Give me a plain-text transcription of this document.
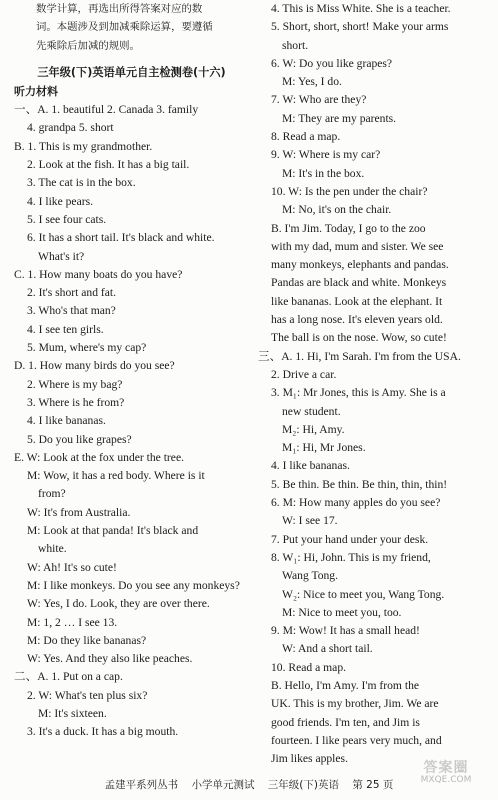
数学计算，再选出所得答案对应的数
词。本题涉及到加减乘除运算，要遵循
先乘除后加减的规则。
三年级(下)英语单元自主检测卷(十六)
听力材料
一、A. 1. beautiful 2. Canada 3. family
4. grandpa 5. short
B. 1. This is my grandmother.
2. Look at the fish. It has a big tail.
3. The cat is in the box.
4. I like pears.
5. I see four cats.
6. It has a short tail. It's black and white.
What's it?
C. 1. How many boats do you have?
2. It's short and fat.
3. Who's that man?
4. I see ten girls.
5. Mum, where's my cap?
D. 1. How many birds do you see?
2. Where is my bag?
3. Where is he from?
4. I like bananas.
5. Do you like grapes?
E. W: Look at the fox under the tree.
M: Wow, it has a red body. Where is it
from?
W: It's from Australia.
M: Look at that panda! It's black and
white.
W: Ah! It's so cute!
M: I like monkeys. Do you see any monkeys?
W: Yes, I do. Look, they are over there.
M: 1, 2 … I see 13.
M: Do they like bananas?
W: Yes. And they also like peaches.
二、A. 1. Put on a cap.
2. W: What's ten plus six?
M: It's sixteen.
3. It's a duck. It has a big mouth.
4. This is Miss White. She is a teacher.
5. Short, short, short! Make your arms
short.
6. W: Do you like grapes?
M: Yes, I do.
7. W: Who are they?
M: They are my parents.
8. Read a map.
9. W: Where is my car?
M: It's in the box.
10. W: Is the pen under the chair?
M: No, it's on the chair.
B. I'm Jim. Today, I go to the zoo
with my dad, mum and sister. We see
many monkeys, elephants and pandas.
Pandas are black and white. Monkeys
like bananas. Look at the elephant. It
has a long nose. It's eleven years old.
The ball is on the nose. Wow, so cute!
三、A. 1. Hi, I'm Sarah. I'm from the USA.
2. Drive a car.
3. M₁: Mr Jones, this is Amy. She is a
new student.
M₂: Hi, Amy.
M₁: Hi, Mr Jones.
4. I like bananas.
5. Be thin. Be thin. Be thin, thin, thin!
6. M: How many apples do you see?
W: I see 17.
7. Put your hand under your desk.
8. W₁: Hi, John. This is my friend,
Wang Tong.
W₂: Nice to meet you, Wang Tong.
M: Nice to meet you, too.
9. M: Wow! It has a small head!
W: And a short tail.
10. Read a map.
B. Hello, I'm Amy. I'm from the
UK. This is my brother, Jim. We are
good friends. I'm ten, and Jim is
fourteen. I like pears very much, and
Jim likes apples.
孟建平系列丛书 小学单元测试 三年级(下)英语 第 25 页
答案圈
MXQE.COM
